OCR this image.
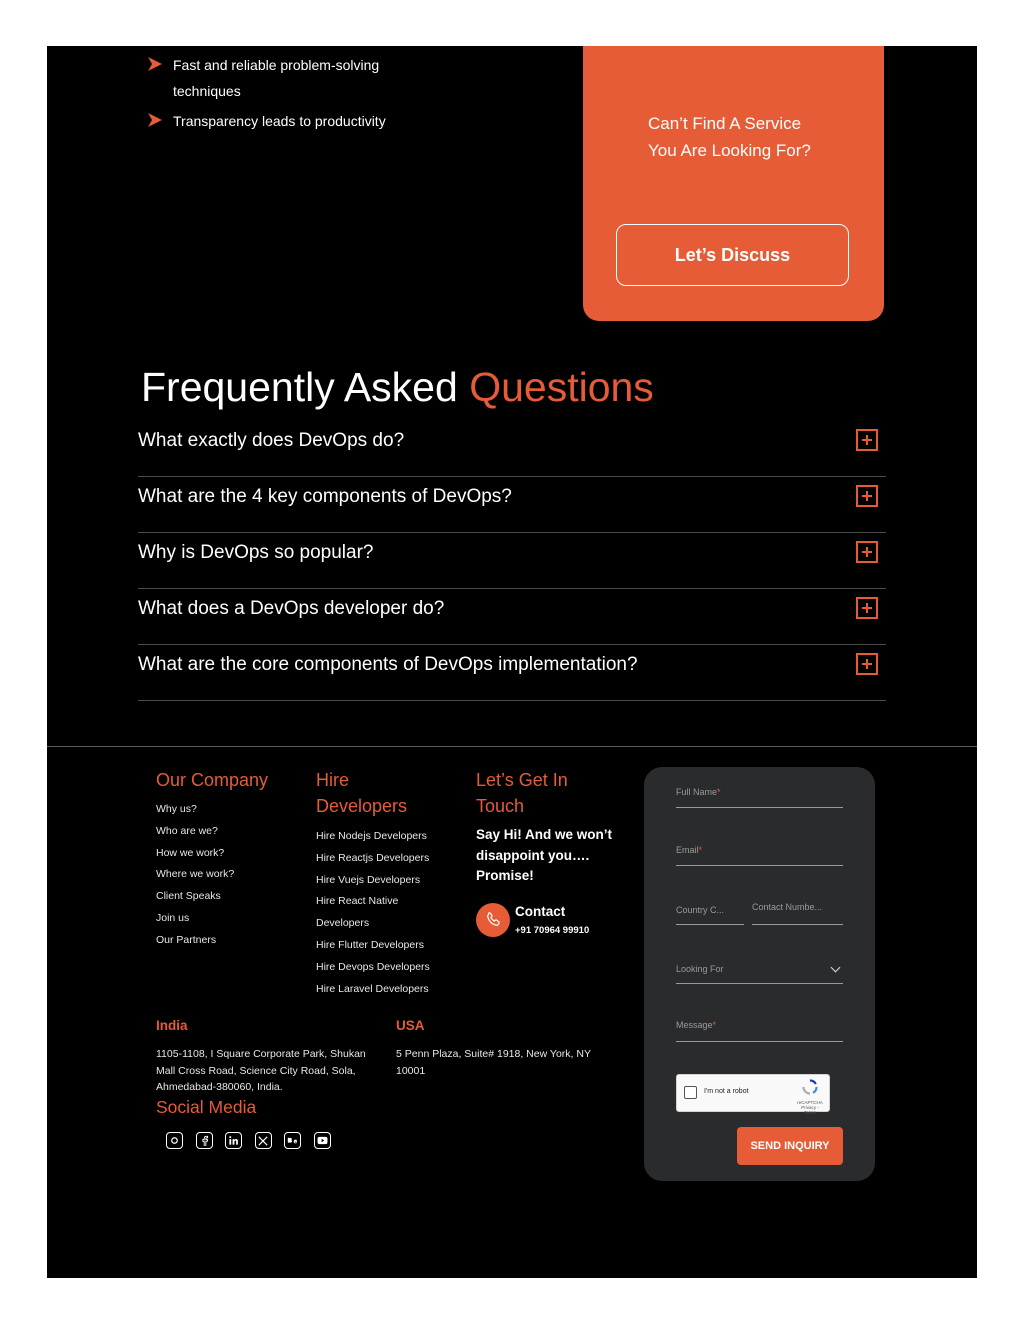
Fast and reliable problem-solving techniques
Transparency leads to productivity	Can’t Find A Service You Are Looking For?
Let’s Discuss
Frequently Asked Questions
What exactly does DevOps do?
What are the 4 key components of DevOps?
Why is DevOps so popular?
What does a DevOps developer do?
What are the core components of DevOps implementation?
Our Company
Why us?
Who are we?
How we work?
Where we work?
Client Speaks
Join us
Our Partners
Hire Developers
Hire Nodejs Developers
Hire Reactjs Developers
Hire Vuejs Developers
Hire React Native Developers
Hire Flutter Developers
Hire Devops Developers
Hire Laravel Developers
Let’s Get In Touch
Say Hi! And we won’t disappoint you…. Promise!
Contact
+91 70964 99910
India
1105-1108, I Square Corporate Park, Shukan Mall Cross Road, Science City Road, Sola, Ahmedabad-380060, India.
USA
5 Penn Plaza, Suite# 1918, New York, NY 10001
Social Media
Full Name*
Email*
Country C...	Contact Numbe...
Looking For
Message*
I'm not a robot
reCAPTCHA
Privacy - Terms
SEND INQUIRY
